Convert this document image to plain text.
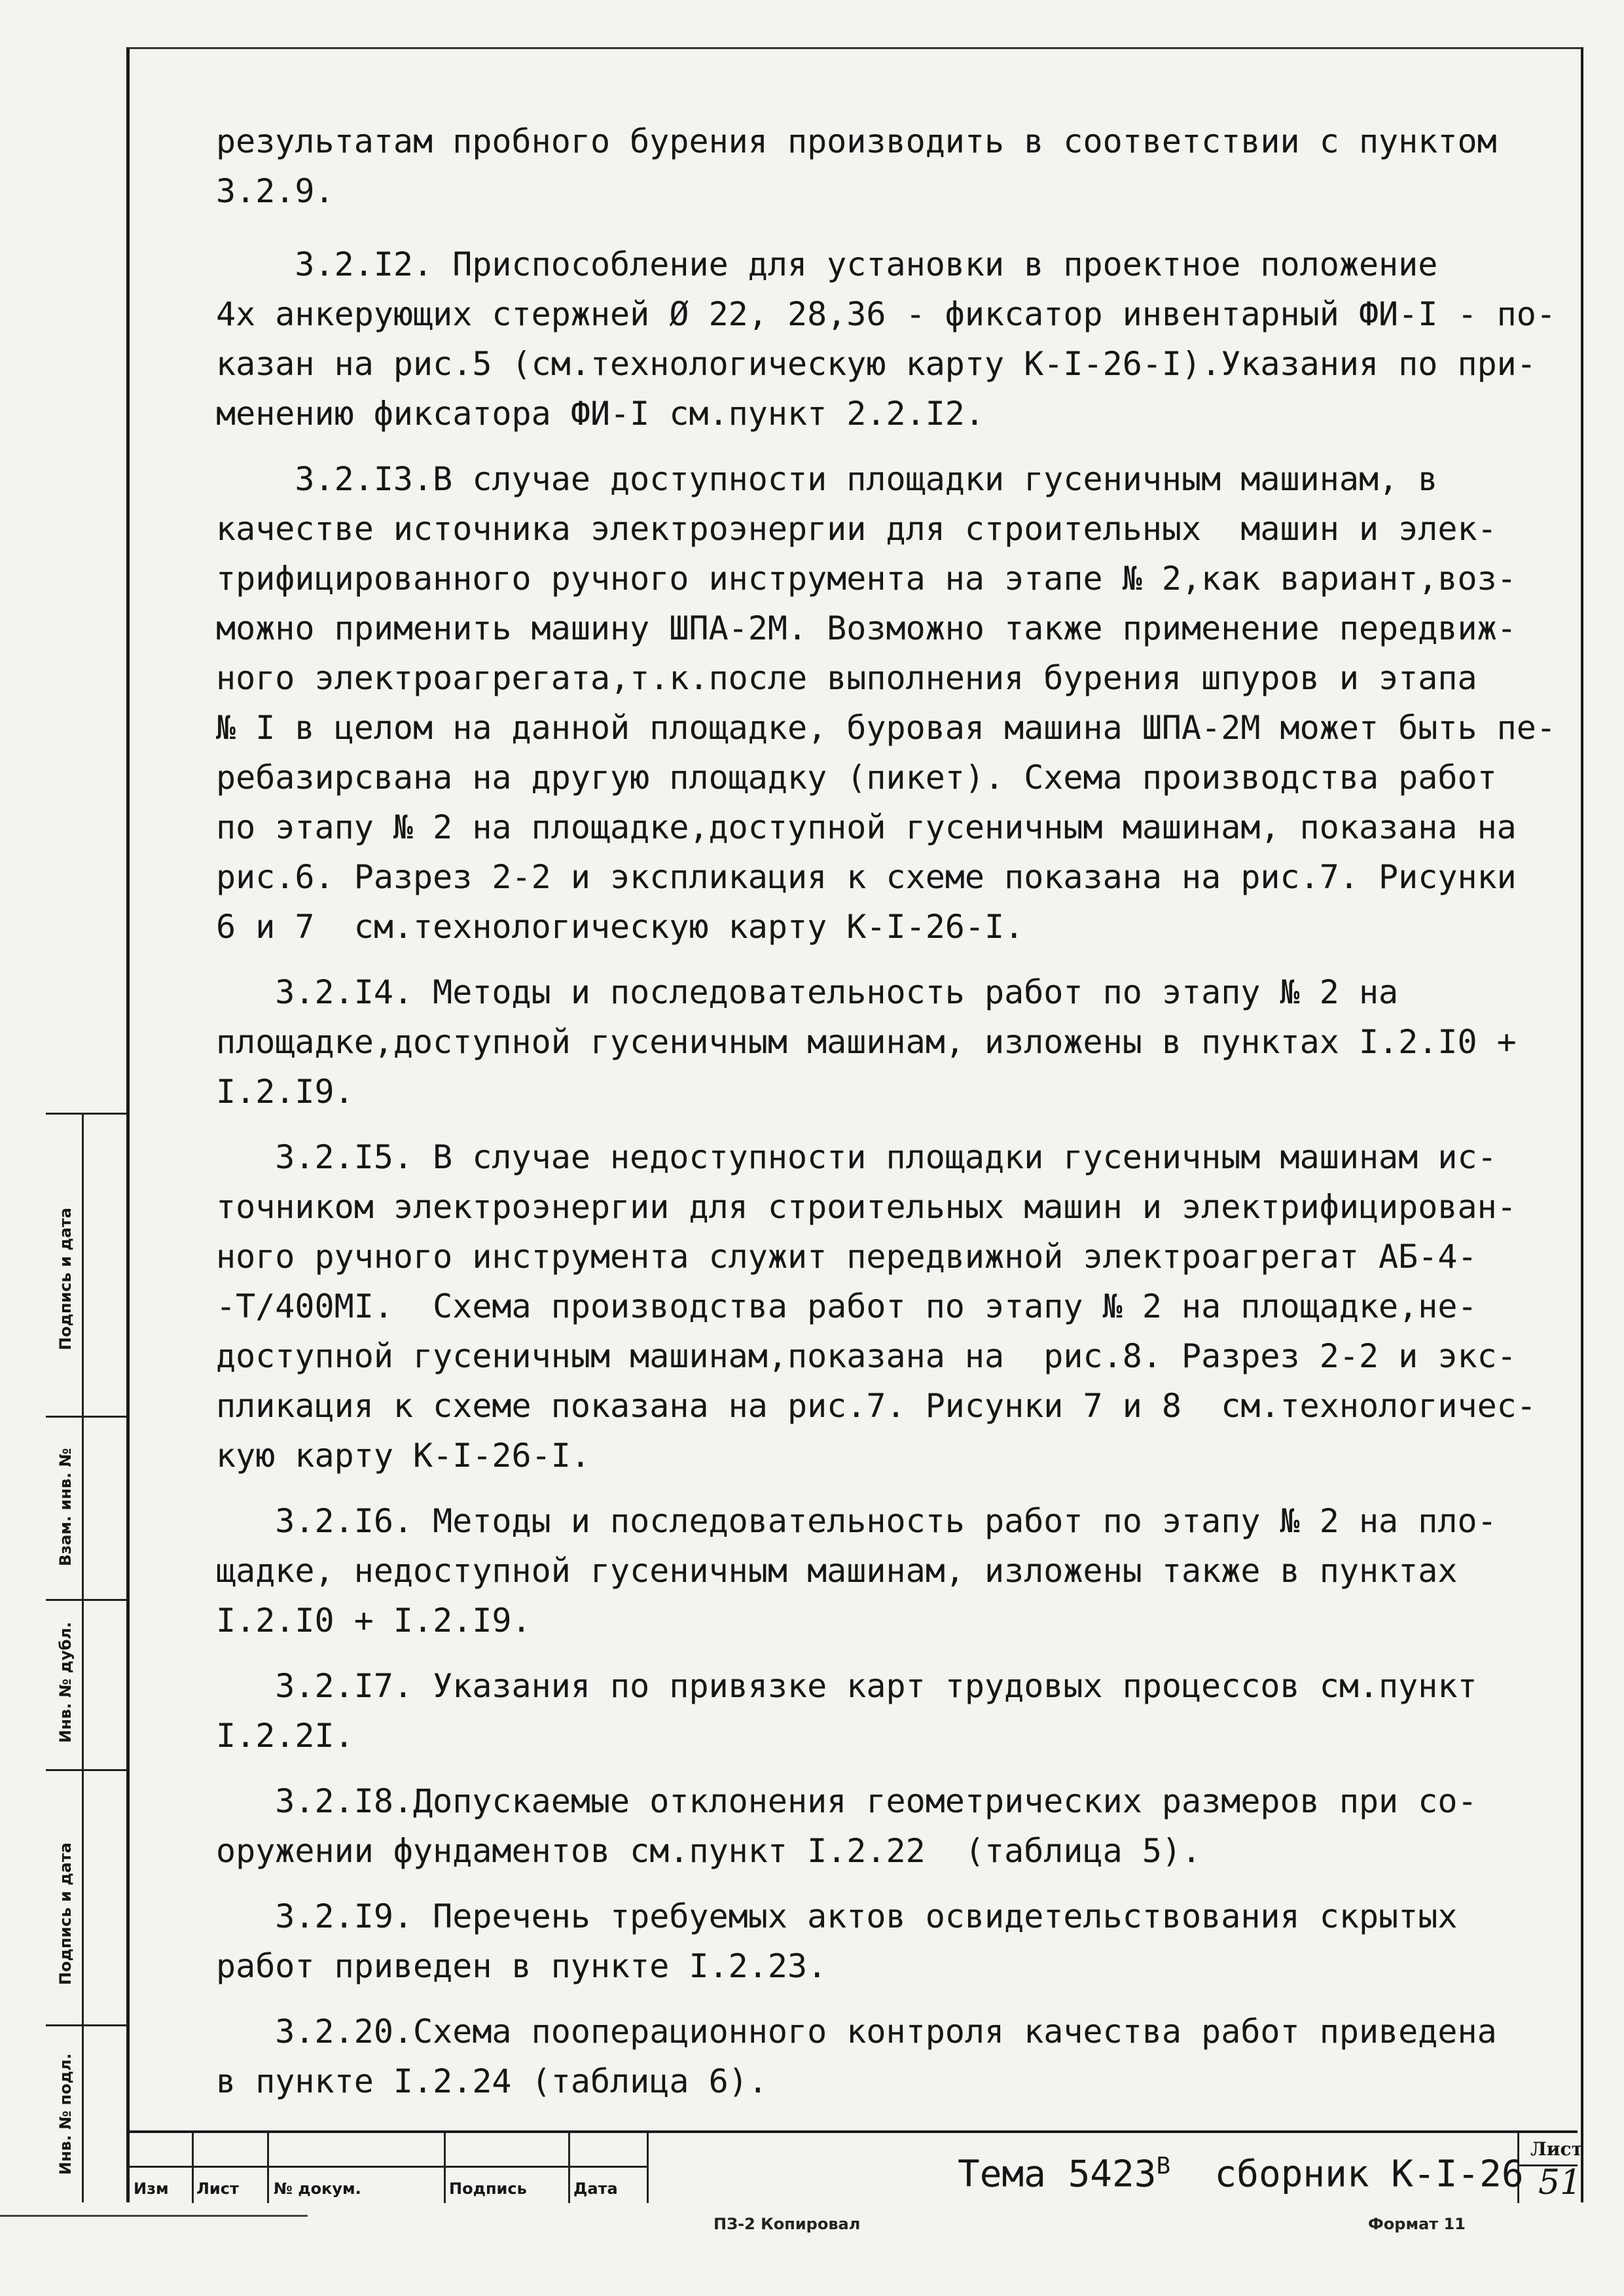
результатам пробного бурения производить в соответствии с пунктом
3.2.9.

3.2.I2. Приспособление для установки в проектное положение
4х анкерующих стержней Ø 22, 28,36 - фиксатор инвентарный ФИ-I - по-
казан на рис.5 (см.технологическую карту К-I-26-I).Указания по при-
менению фиксатора ФИ-I см.пункт 2.2.I2.

3.2.I3.В случае доступности площадки гусеничным машинам, в
качестве источника электроэнергии для строительных  машин и элек-
трифицированного ручного инструмента на этапе № 2,как вариант,воз-
можно применить машину ШПА-2М. Возможно также применение передвиж-
ного электроагрегата,т.к.после выполнения бурения шпуров и этапа
№ I в целом на данной площадке, буровая машина ШПА-2М может быть пе-
ребазирсвана на другую площадку (пикет). Схема производства работ
по этапу № 2 на площадке,доступной гусеничным машинам, показана на
рис.6. Разрез 2-2 и экспликация к схеме показана на рис.7. Рисунки
6 и 7  см.технологическую карту К-I-26-I.

3.2.I4. Методы и последовательность работ по этапу № 2 на
площадке,доступной гусеничным машинам, изложены в пунктах I.2.I0 +
I.2.I9.

3.2.I5. В случае недоступности площадки гусеничным машинам ис-
точником электроэнергии для строительных машин и электрифицирован-
ного ручного инструмента служит передвижной электроагрегат АБ-4-
-Т/400МI.  Схема производства работ по этапу № 2 на площадке,не-
доступной гусеничным машинам,показана на  рис.8. Разрез 2-2 и экс-
пликация к схеме показана на рис.7. Рисунки 7 и 8  см.технологичес-
кую карту К-I-26-I.

3.2.I6. Методы и последовательность работ по этапу № 2 на пло-
щадке, недоступной гусеничным машинам, изложены также в пунктах
I.2.I0 + I.2.I9.

3.2.I7. Указания по привязке карт трудовых процессов см.пункт
I.2.2I.

3.2.I8.Допускаемые отклонения геометрических размеров при со-
оружении фундаментов см.пункт I.2.22  (таблица 5).

3.2.I9. Перечень требуемых актов освидетельствования скрытых
работ приведен в пункте I.2.23.

3.2.20.Схема пооперационного контроля качества работ приведена
в пункте I.2.24 (таблица 6).

Подпись и дата
Взам. инв. №
Инв. № дубл.
Подпись и дата
Инв. № подл.
Изм Лист № докум.	Подпись	Дата	Тема $5423^В$  сборник К-I-26
Лист
51
ПЗ-2 Копировал	Формат 11
